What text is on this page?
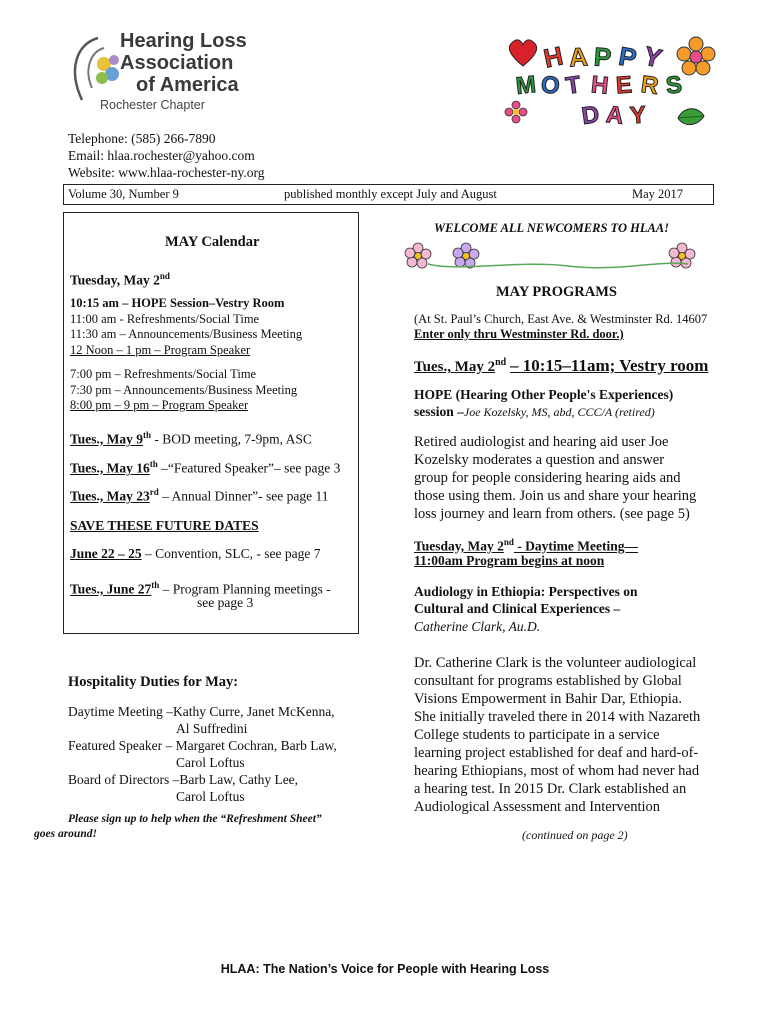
Hearing Loss
Association
of America
Rochester Chapter
H A P P Y
M O T H E R S
D A Y
Telephone: (585) 266-7890
Email: hlaa.rochester@yahoo.com
Website: www.hlaa-rochester-ny.org
Volume 30, Number 9	published monthly except July and August	May 2017
MAY Calendar
Tuesday, May 2nd
10:15 am – HOPE Session–Vestry Room
11:00 am - Refreshments/Social Time
11:30 am – Announcements/Business Meeting
12 Noon – 1 pm – Program Speaker
7:00 pm – Refreshments/Social Time
7:30 pm – Announcements/Business Meeting
8:00 pm – 9 pm – Program Speaker
Tues., May 9th - BOD meeting, 7-9pm, ASC
Tues., May 16th –“Featured Speaker”– see page 3
Tues., May 23rd – Annual Dinner”- see page 11
SAVE THESE FUTURE DATES
June 22 – 25 – Convention, SLC, - see page 7
Tues., June 27th – Program Planning meetings -
see page 3
Hospitality Duties for May:
Daytime Meeting –Kathy Curre, Janet McKenna,
Al Suffredini
Featured Speaker – Margaret Cochran, Barb Law,
Carol Loftus
Board of Directors –Barb Law, Cathy Lee,
Carol Loftus
Please sign up to help when the “Refreshment Sheet”
goes around!
WELCOME ALL NEWCOMERS TO HLAA!
MAY PROGRAMS
(At St. Paul’s Church, East Ave. & Westminster Rd. 14607
Enter only thru Westminster Rd. door.)
Tues., May 2nd – 10:15–11am; Vestry room
HOPE (Hearing Other People's Experiences)
session –Joe Kozelsky, MS, abd, CCC/A (retired)
Retired audiologist and hearing aid user Joe
Kozelsky moderates a question and answer
group for people considering hearing aids and
those using them. Join us and share your hearing
loss journey and learn from others. (see page 5)
Tuesday, May 2nd - Daytime Meeting—
11:00am Program begins at noon
Audiology in Ethiopia: Perspectives on
Cultural and Clinical Experiences –
Catherine Clark, Au.D.
Dr. Catherine Clark is the volunteer audiological
consultant for programs established by Global
Visions Empowerment in Bahir Dar, Ethiopia.
She initially traveled there in 2014 with Nazareth
College students to participate in a service
learning project established for deaf and hard-of-
hearing Ethiopians, most of whom had never had
a hearing test. In 2015 Dr. Clark established an
Audiological Assessment and Intervention
(continued on page 2)
HLAA: The Nation’s Voice for People with Hearing Loss
